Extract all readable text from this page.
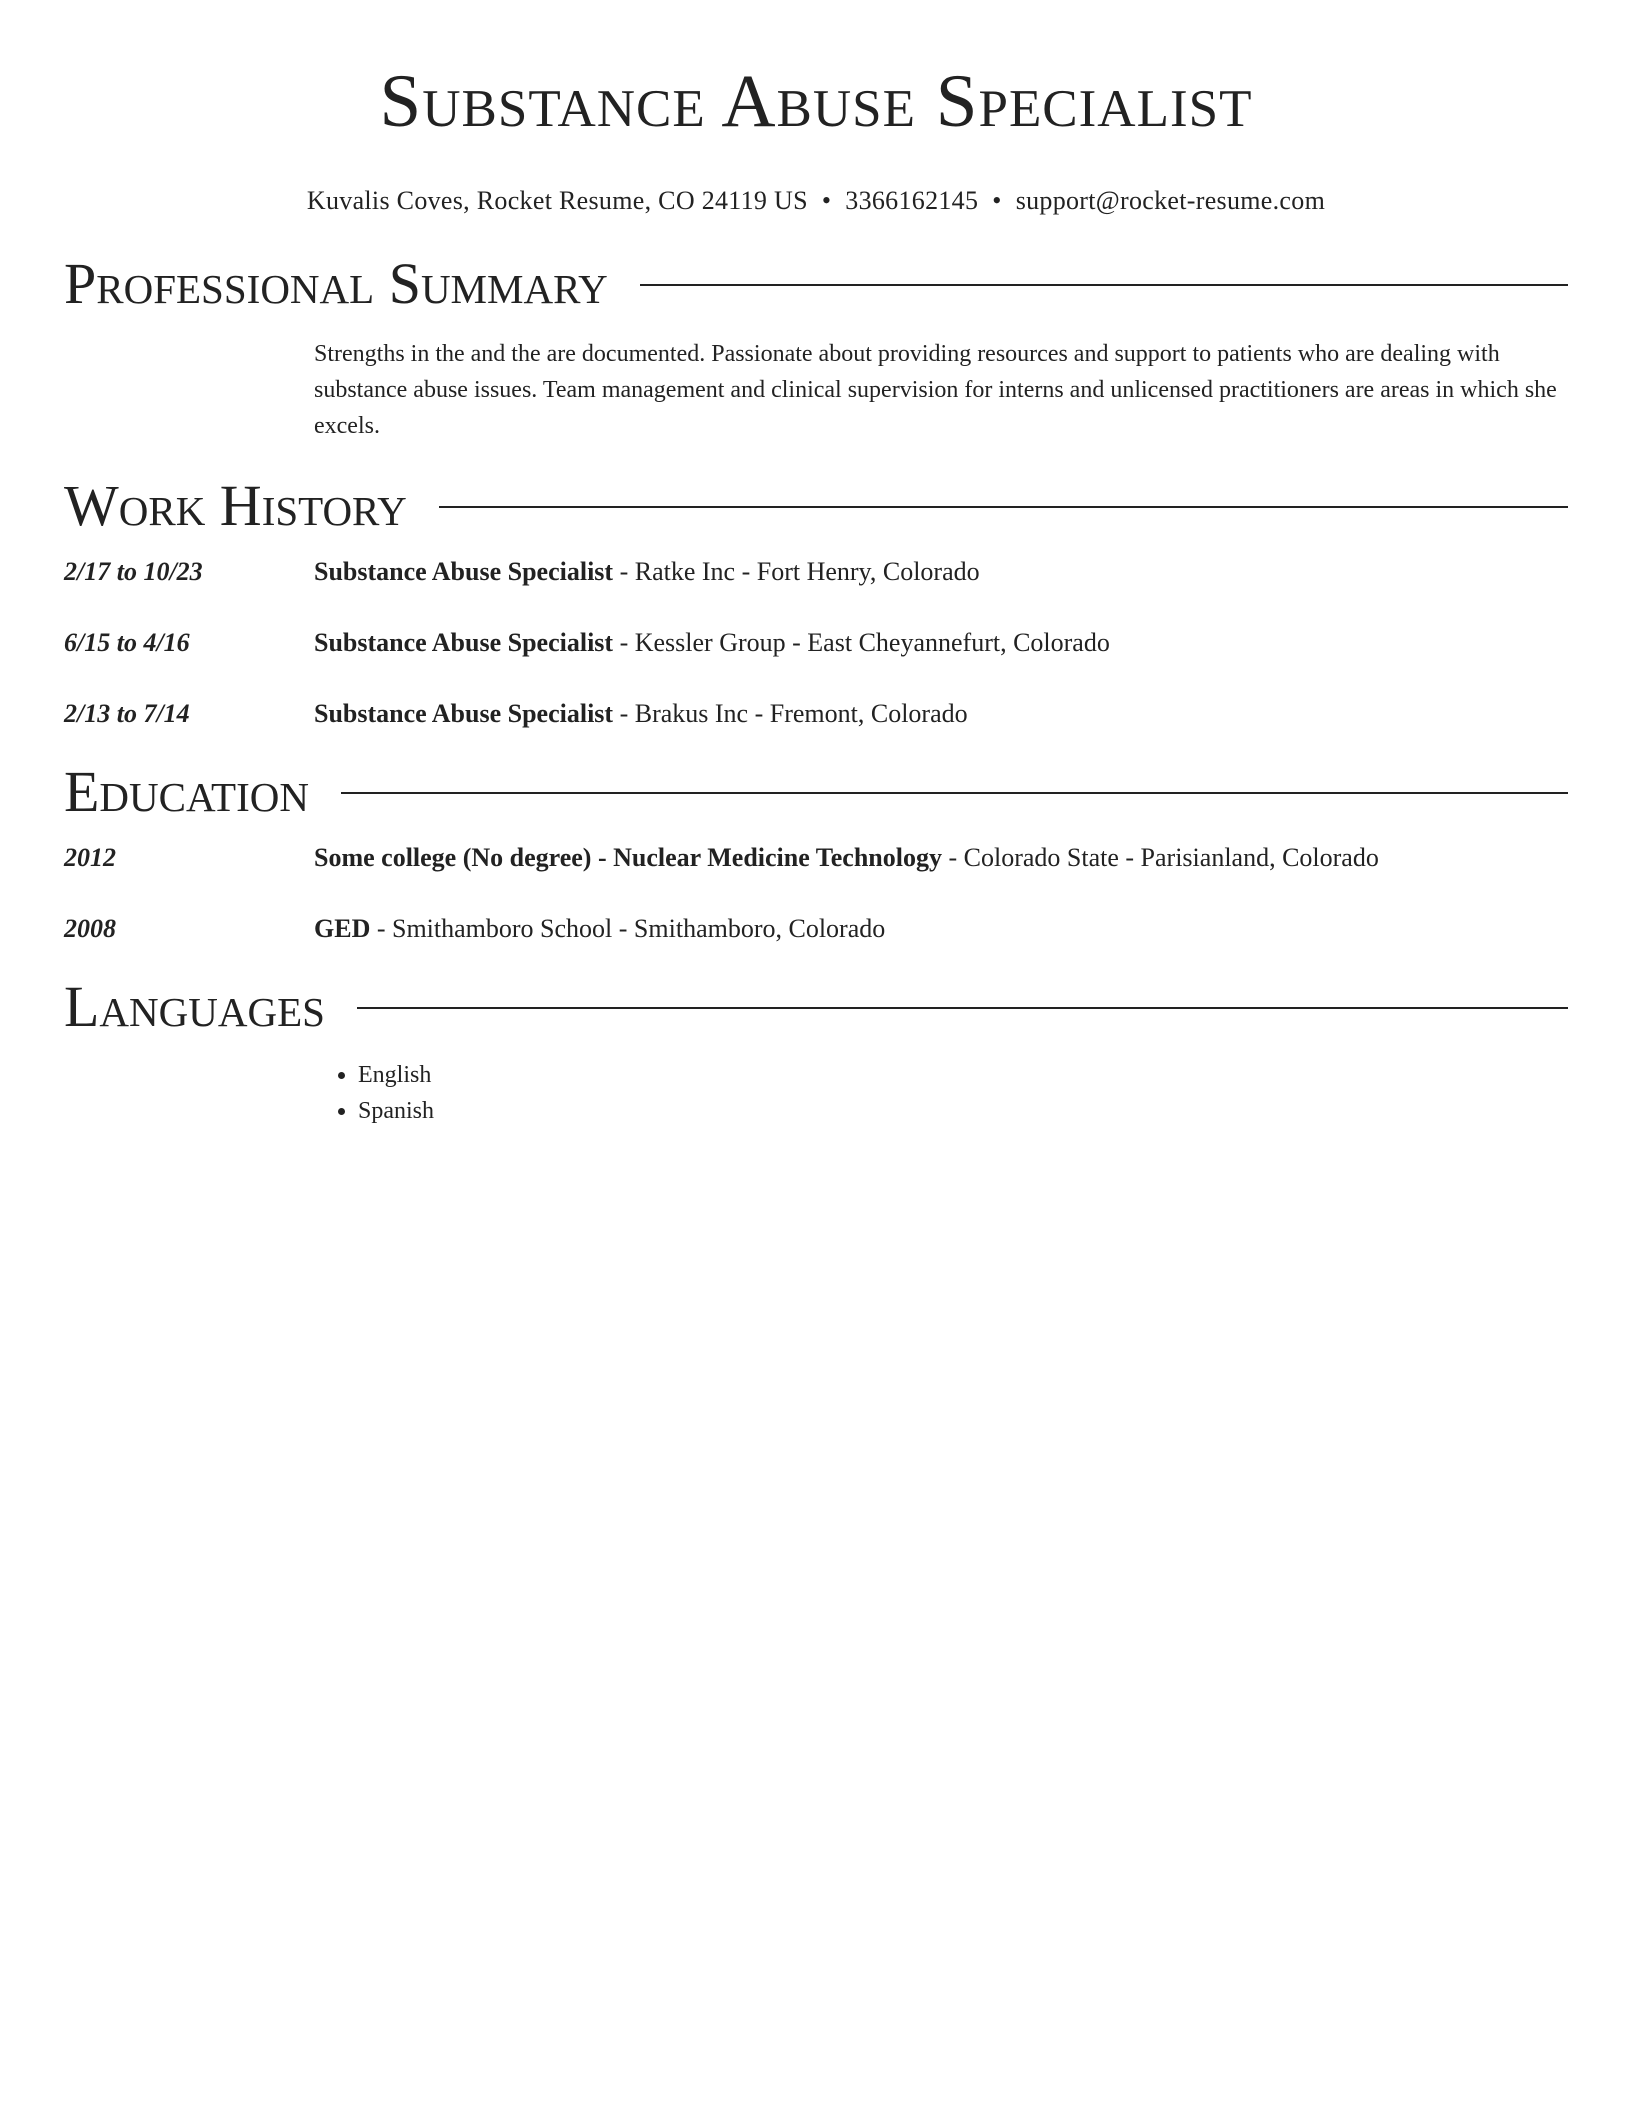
Substance Abuse Specialist
Kuvalis Coves, Rocket Resume, CO 24119 US • 3366162145 • support@rocket-resume.com
Professional Summary
Strengths in the and the are documented. Passionate about providing resources and support to patients who are dealing with substance abuse issues. Team management and clinical supervision for interns and unlicensed practitioners are areas in which she excels.
Work History
2/17 to 10/23	Substance Abuse Specialist - Ratke Inc - Fort Henry, Colorado
6/15 to 4/16	Substance Abuse Specialist - Kessler Group - East Cheyannefurt, Colorado
2/13 to 7/14	Substance Abuse Specialist - Brakus Inc - Fremont, Colorado
Education
2012	Some college (No degree) - Nuclear Medicine Technology - Colorado State - Parisianland, Colorado
2008	GED - Smithamboro School - Smithamboro, Colorado
Languages
• English
• Spanish
